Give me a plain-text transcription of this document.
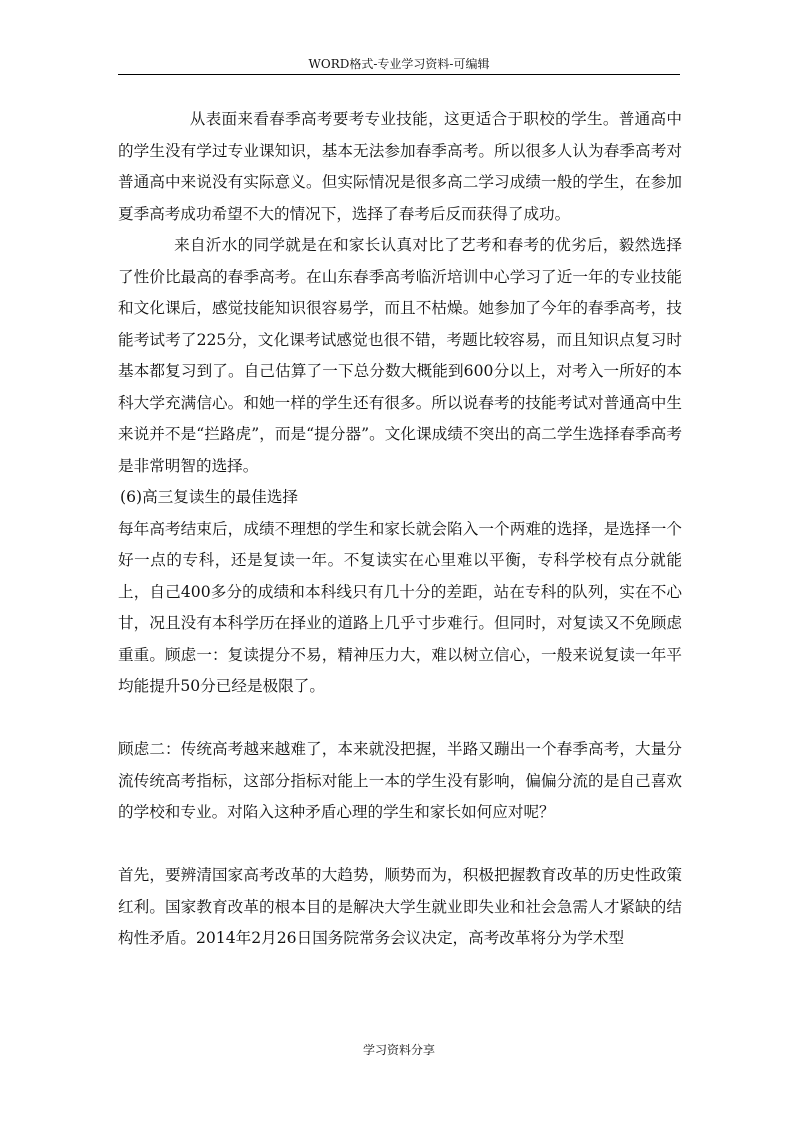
WORD格式-专业学习资料-可编辑

从表面来看春季高考要考专业技能，这更适合于职校的学生。普通高中的学生没有学过专业课知识，基本无法参加春季高考。所以很多人认为春季高考对普通高中来说没有实际意义。但实际情况是很多高二学习成绩一般的学生，在参加夏季高考成功希望不大的情况下，选择了春考后反而获得了成功。

来自沂水的同学就是在和家长认真对比了艺考和春考的优劣后，毅然选择了性价比最高的春季高考。在山东春季高考临沂培训中心学习了近一年的专业技能和文化课后，感觉技能知识很容易学，而且不枯燥。她参加了今年的春季高考，技能考试考了225分，文化课考试感觉也很不错，考题比较容易，而且知识点复习时基本都复习到了。自己估算了一下总分数大概能到600分以上，对考入一所好的本科大学充满信心。和她一样的学生还有很多。所以说春考的技能考试对普通高中生来说并不是“拦路虎”，而是“提分器”。文化课成绩不突出的高二学生选择春季高考是非常明智的选择。

(6)高三复读生的最佳选择

每年高考结束后，成绩不理想的学生和家长就会陷入一个两难的选择，是选择一个好一点的专科，还是复读一年。不复读实在心里难以平衡，专科学校有点分就能上，自己400多分的成绩和本科线只有几十分的差距，站在专科的队列，实在不心甘，况且没有本科学历在择业的道路上几乎寸步难行。但同时，对复读又不免顾虑重重。顾虑一：复读提分不易，精神压力大，难以树立信心，一般来说复读一年平均能提升50分已经是极限了。

顾虑二：传统高考越来越难了，本来就没把握，半路又蹦出一个春季高考，大量分流传统高考指标，这部分指标对能上一本的学生没有影响，偏偏分流的是自己喜欢的学校和专业。对陷入这种矛盾心理的学生和家长如何应对呢？

首先，要辨清国家高考改革的大趋势，顺势而为，积极把握教育改革的历史性政策红利。国家教育改革的根本目的是解决大学生就业即失业和社会急需人才紧缺的结构性矛盾。2014年2月26日国务院常务会议决定，高考改革将分为学术型

学习资料分享
